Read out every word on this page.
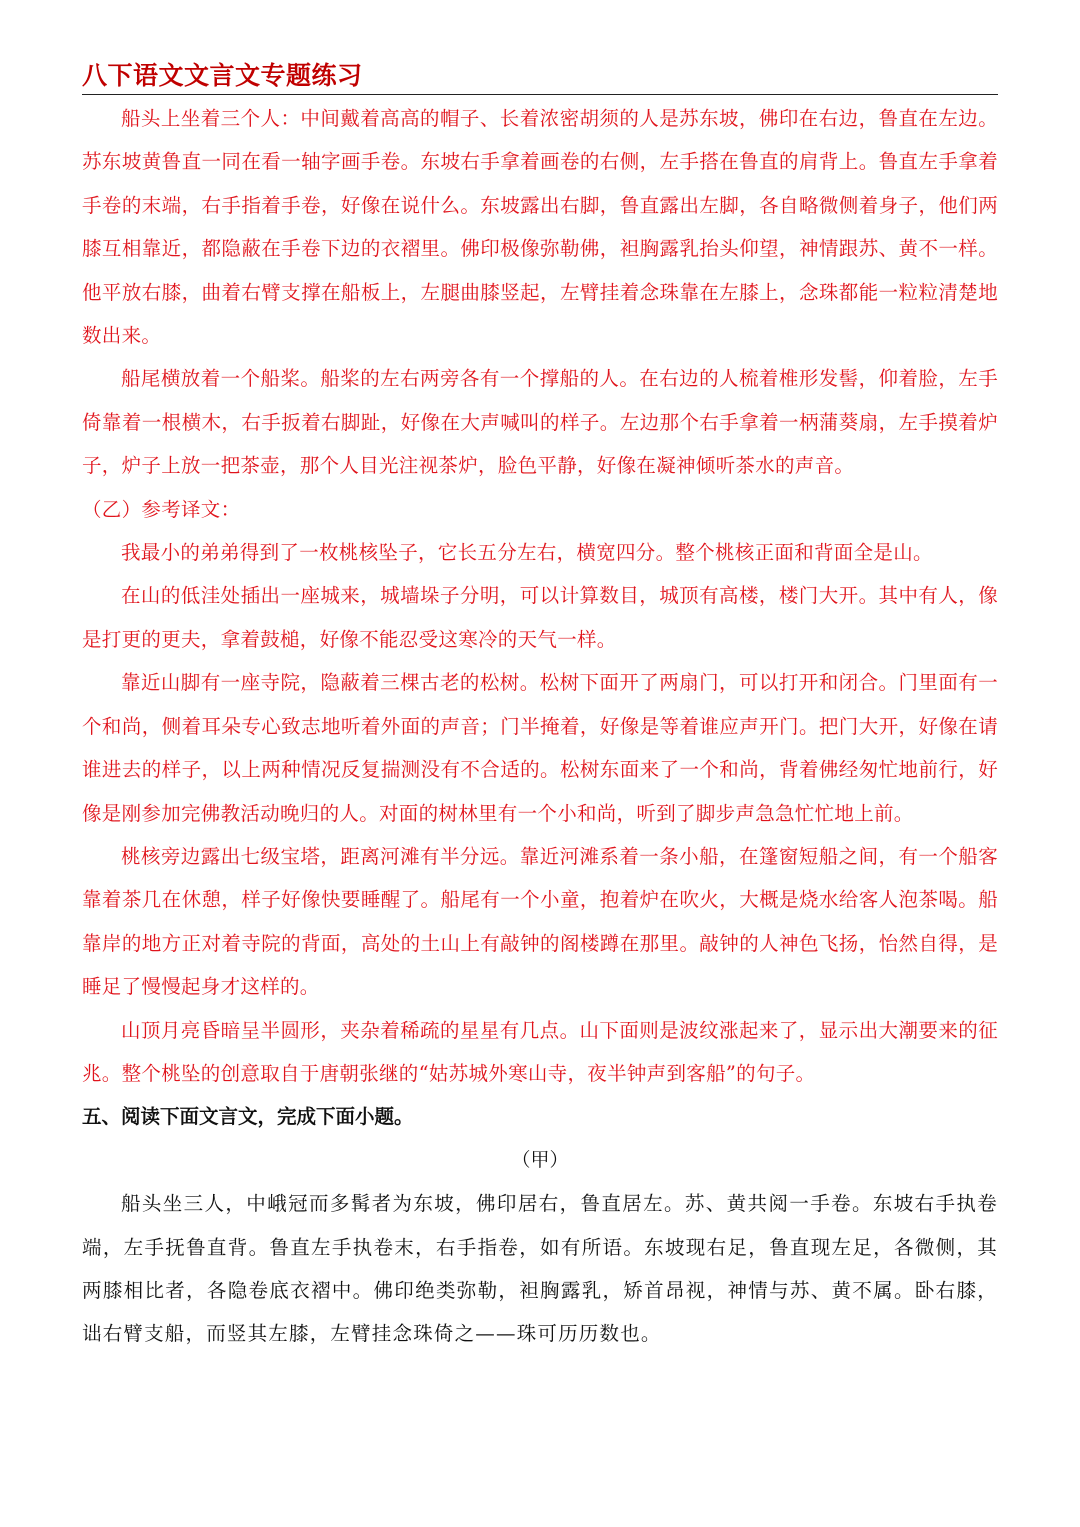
八下语文文言文专题练习

船头上坐着三个人：中间戴着高高的帽子、长着浓密胡须的人是苏东坡，佛印在右边，鲁直在左边。苏东坡黄鲁直一同在看一轴字画手卷。东坡右手拿着画卷的右侧，左手搭在鲁直的肩背上。鲁直左手拿着手卷的末端，右手指着手卷，好像在说什么。东坡露出右脚，鲁直露出左脚，各自略微侧着身子，他们两膝互相靠近，都隐蔽在手卷下边的衣褶里。佛印极像弥勒佛，袒胸露乳抬头仰望，神情跟苏、黄不一样。他平放右膝，曲着右臂支撑在船板上，左腿曲膝竖起，左臂挂着念珠靠在左膝上，念珠都能一粒粒清楚地数出来。

船尾横放着一个船桨。船桨的左右两旁各有一个撑船的人。在右边的人梳着椎形发髻，仰着脸，左手倚靠着一根横木，右手扳着右脚趾，好像在大声喊叫的样子。左边那个右手拿着一柄蒲葵扇，左手摸着炉子，炉子上放一把茶壶，那个人目光注视茶炉，脸色平静，好像在凝神倾听茶水的声音。

（乙）参考译文：

我最小的弟弟得到了一枚桃核坠子，它长五分左右，横宽四分。整个桃核正面和背面全是山。

在山的低洼处插出一座城来，城墙垛子分明，可以计算数目，城顶有高楼，楼门大开。其中有人，像是打更的更夫，拿着鼓槌，好像不能忍受这寒冷的天气一样。

靠近山脚有一座寺院，隐蔽着三棵古老的松树。松树下面开了两扇门，可以打开和闭合。门里面有一个和尚，侧着耳朵专心致志地听着外面的声音；门半掩着，好像是等着谁应声开门。把门大开，好像在请谁进去的样子，以上两种情况反复揣测没有不合适的。松树东面来了一个和尚，背着佛经匆忙地前行，好像是刚参加完佛教活动晚归的人。对面的树林里有一个小和尚，听到了脚步声急急忙忙地上前。

桃核旁边露出七级宝塔，距离河滩有半分远。靠近河滩系着一条小船，在篷窗短船之间，有一个船客靠着茶几在休憩，样子好像快要睡醒了。船尾有一个小童，抱着炉在吹火，大概是烧水给客人泡茶喝。船靠岸的地方正对着寺院的背面，高处的土山上有敲钟的阁楼蹲在那里。敲钟的人神色飞扬，怡然自得，是睡足了慢慢起身才这样的。

山顶月亮昏暗呈半圆形，夹杂着稀疏的星星有几点。山下面则是波纹涨起来了，显示出大潮要来的征兆。整个桃坠的创意取自于唐朝张继的“姑苏城外寒山寺，夜半钟声到客船”的句子。

五、阅读下面文言文，完成下面小题。

（甲）

船头坐三人，中峨冠而多髯者为东坡，佛印居右，鲁直居左。苏、黄共阅一手卷。东坡右手执卷端，左手抚鲁直背。鲁直左手执卷末，右手指卷，如有所语。东坡现右足，鲁直现左足，各微侧，其两膝相比者，各隐卷底衣褶中。佛印绝类弥勒，袒胸露乳，矫首昂视，神情与苏、黄不属。卧右膝，诎右臂支船，而竖其左膝，左臂挂念珠倚之——珠可历历数也。
